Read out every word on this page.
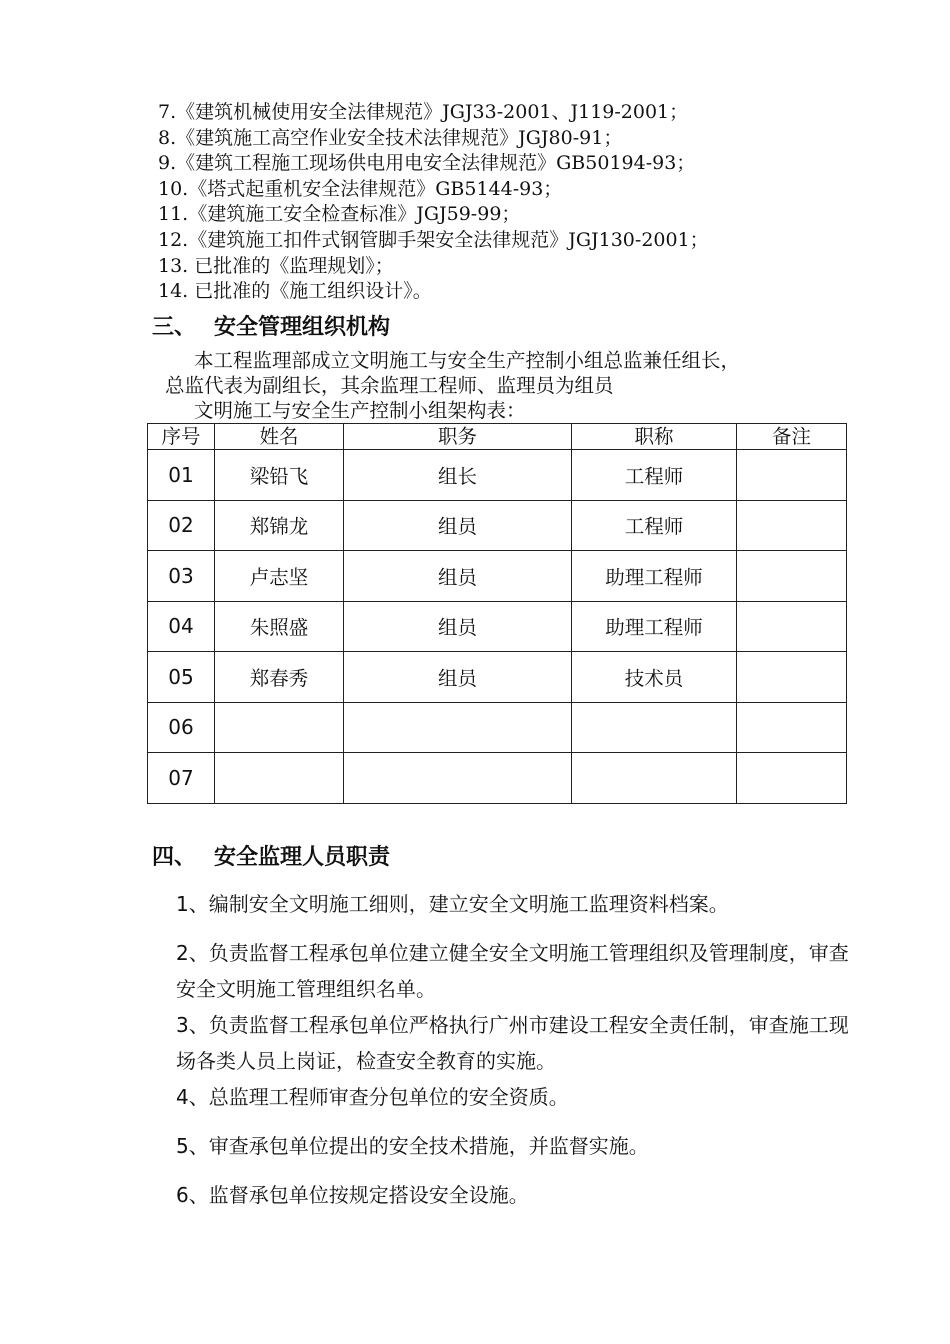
7.《建筑机械使用安全法律规范》JGJ33-2001、J119-2001；
8.《建筑施工高空作业安全技术法律规范》JGJ80-91；
9.《建筑工程施工现场供电用电安全法律规范》GB50194-93；
10.《塔式起重机安全法律规范》GB5144-93；
11.《建筑施工安全检查标准》JGJ59-99；
12.《建筑施工扣件式钢管脚手架安全法律规范》JGJ130-2001；
13. 已批准的《监理规划》；
14. 已批准的《施工组织设计》。
三、 安全管理组织机构
本工程监理部成立文明施工与安全生产控制小组总监兼任组长，
总监代表为副组长，其余监理工程师、监理员为组员
文明施工与安全生产控制小组架构表：
序号	姓名	职务	职称	备注
01	梁铅飞	组长	工程师	
02	郑锦龙	组员	工程师	
03	卢志坚	组员	助理工程师	
04	朱照盛	组员	助理工程师	
05	郑春秀	组员	技术员	
06				
07				
四、 安全监理人员职责
1、编制安全文明施工细则，建立安全文明施工监理资料档案。
2、负责监督工程承包单位建立健全安全文明施工管理组织及管理制度，审查安全文明施工管理组织名单。
3、负责监督工程承包单位严格执行广州市建设工程安全责任制，审查施工现场各类人员上岗证，检查安全教育的实施。
4、总监理工程师审查分包单位的安全资质。
5、审查承包单位提出的安全技术措施，并监督实施。
6、监督承包单位按规定搭设安全设施。
